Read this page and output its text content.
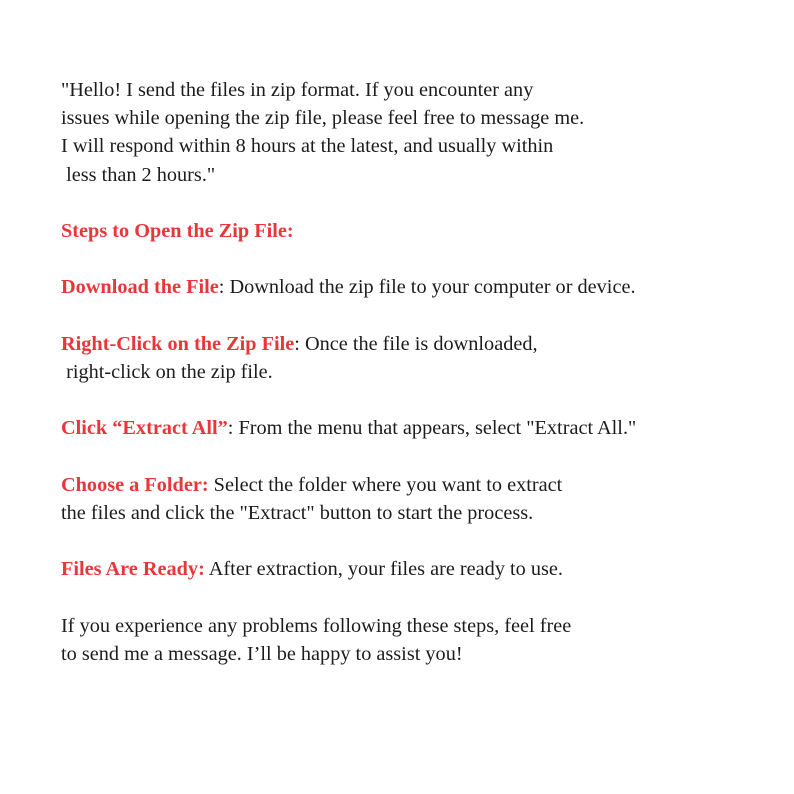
"Hello! I send the files in zip format. If you encounter any
issues while opening the zip file, please feel free to message me.
I will respond within 8 hours at the latest, and usually within
less than 2 hours."
Steps to Open the Zip File:
Download the File: Download the zip file to your computer or device.
Right-Click on the Zip File: Once the file is downloaded,
right-click on the zip file.
Click “Extract All”: From the menu that appears, select "Extract All."
Choose a Folder: Select the folder where you want to extract
the files and click the "Extract" button to start the process.
Files Are Ready: After extraction, your files are ready to use.
If you experience any problems following these steps, feel free
to send me a message. I’ll be happy to assist you!
